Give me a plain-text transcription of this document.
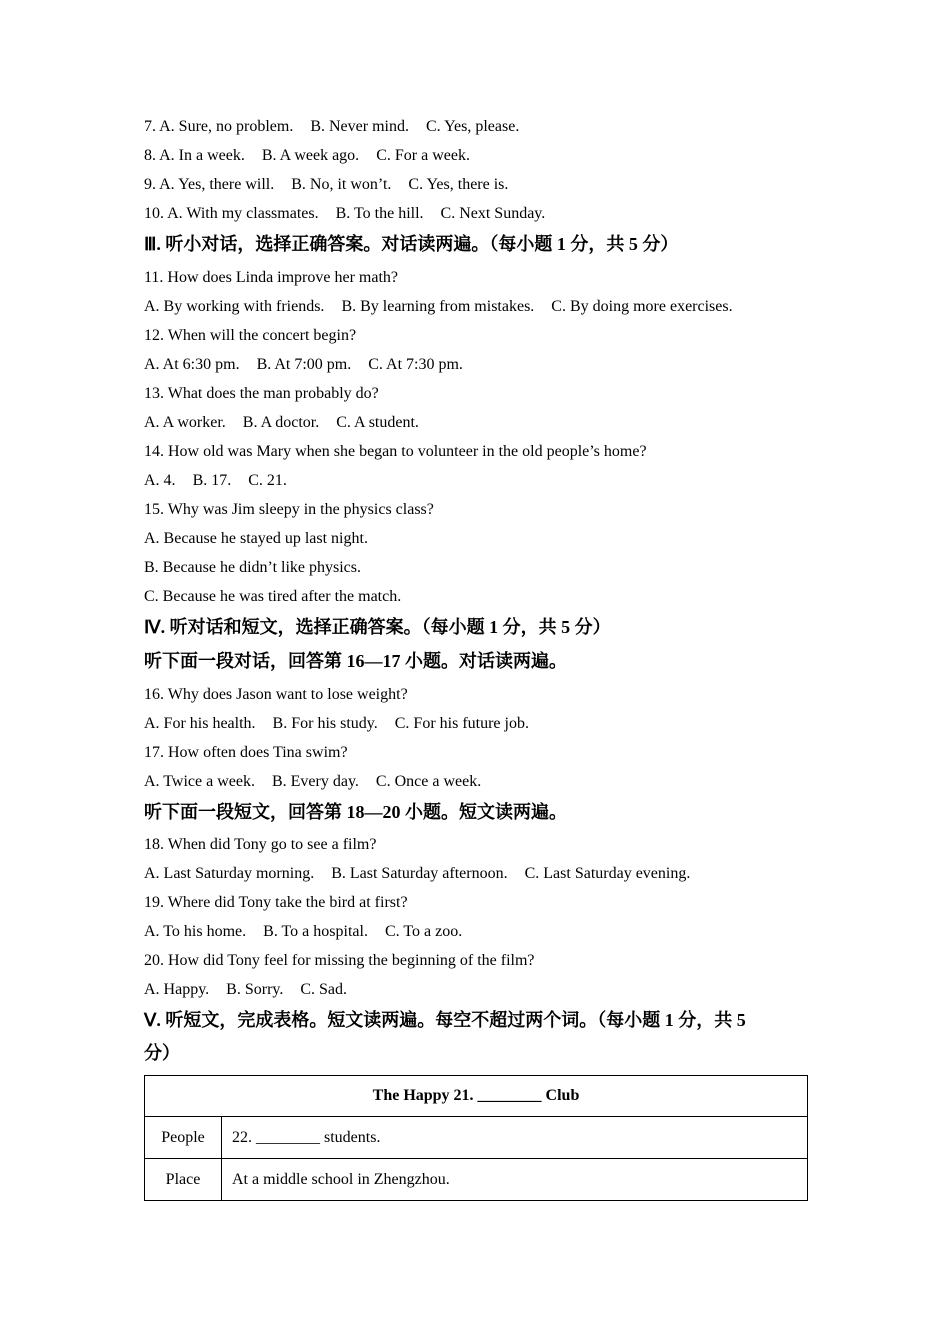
7. A. Sure, no problem. B. Never mind. C. Yes, please.
8. A. In a week. B. A week ago. C. For a week.
9. A. Yes, there will. B. No, it won’t. C. Yes, there is.
10. A. With my classmates. B. To the hill. C. Next Sunday.
Ⅲ. 听小对话，选择正确答案。对话读两遍。（每小题 1 分，共 5 分）
11. How does Linda improve her math?
A. By working with friends. B. By learning from mistakes. C. By doing more exercises.
12. When will the concert begin?
A. At 6:30 pm. B. At 7:00 pm. C. At 7:30 pm.
13. What does the man probably do?
A. A worker. B. A doctor. C. A student.
14. How old was Mary when she began to volunteer in the old people’s home?
A. 4. B. 17. C. 21.
15. Why was Jim sleepy in the physics class?
A. Because he stayed up last night.
B. Because he didn’t like physics.
C. Because he was tired after the match.
Ⅳ. 听对话和短文，选择正确答案。（每小题 1 分，共 5 分）
听下面一段对话，回答第 16—17 小题。对话读两遍。
16. Why does Jason want to lose weight?
A. For his health. B. For his study. C. For his future job.
17. How often does Tina swim?
A. Twice a week. B. Every day. C. Once a week.
听下面一段短文，回答第 18—20 小题。短文读两遍。
18. When did Tony go to see a film?
A. Last Saturday morning. B. Last Saturday afternoon. C. Last Saturday evening.
19. Where did Tony take the bird at first?
A. To his home. B. To a hospital. C. To a zoo.
20. How did Tony feel for missing the beginning of the film?
A. Happy. B. Sorry. C. Sad.
Ⅴ. 听短文，完成表格。短文读两遍。每空不超过两个词。（每小题 1 分，共 5
分）
The Happy 21. ________ Club	
People	22. ________ students.
Place	At a middle school in Zhengzhou.
